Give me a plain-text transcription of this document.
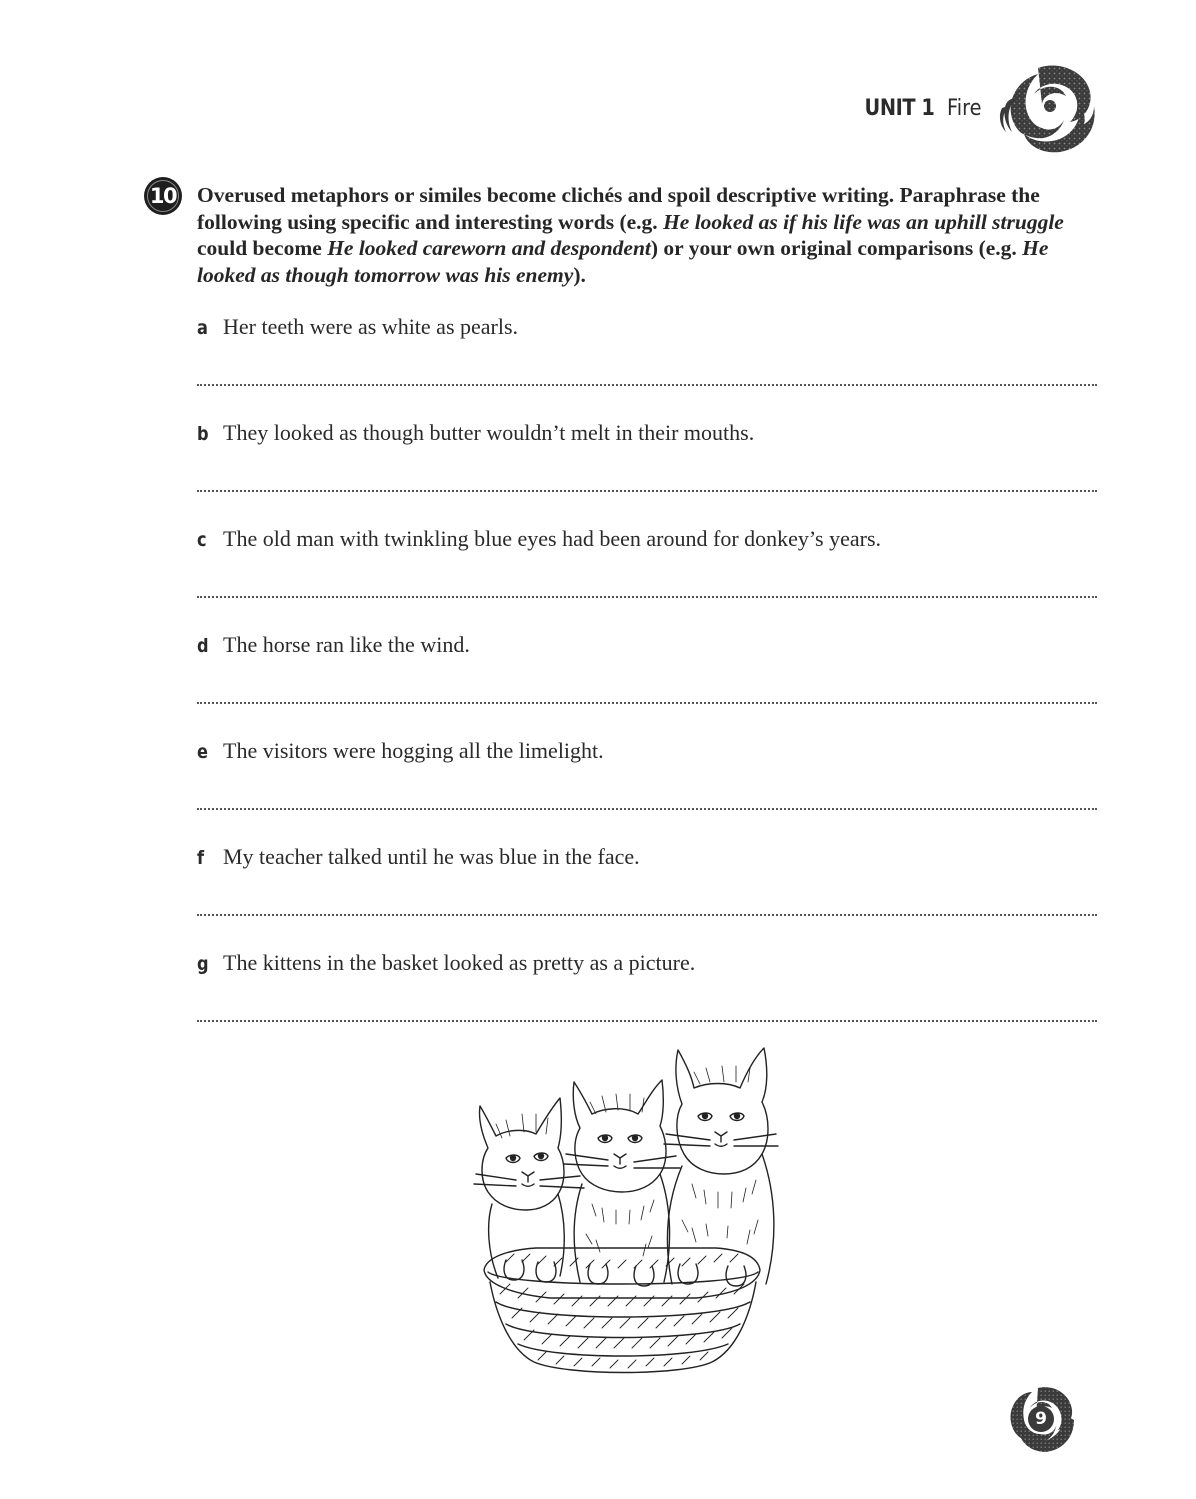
UNIT 1 Fire
10 Overused metaphors or similes become clichés and spoil descriptive writing. Paraphrase the following using specific and interesting words (e.g. He looked as if his life was an uphill struggle could become He looked careworn and despondent) or your own original comparisons (e.g. He looked as though tomorrow was his enemy).
a Her teeth were as white as pearls.
b They looked as though butter wouldn’t melt in their mouths.
c The old man with twinkling blue eyes had been around for donkey’s years.
d The horse ran like the wind.
e The visitors were hogging all the limelight.
f My teacher talked until he was blue in the face.
g The kittens in the basket looked as pretty as a picture.
9
